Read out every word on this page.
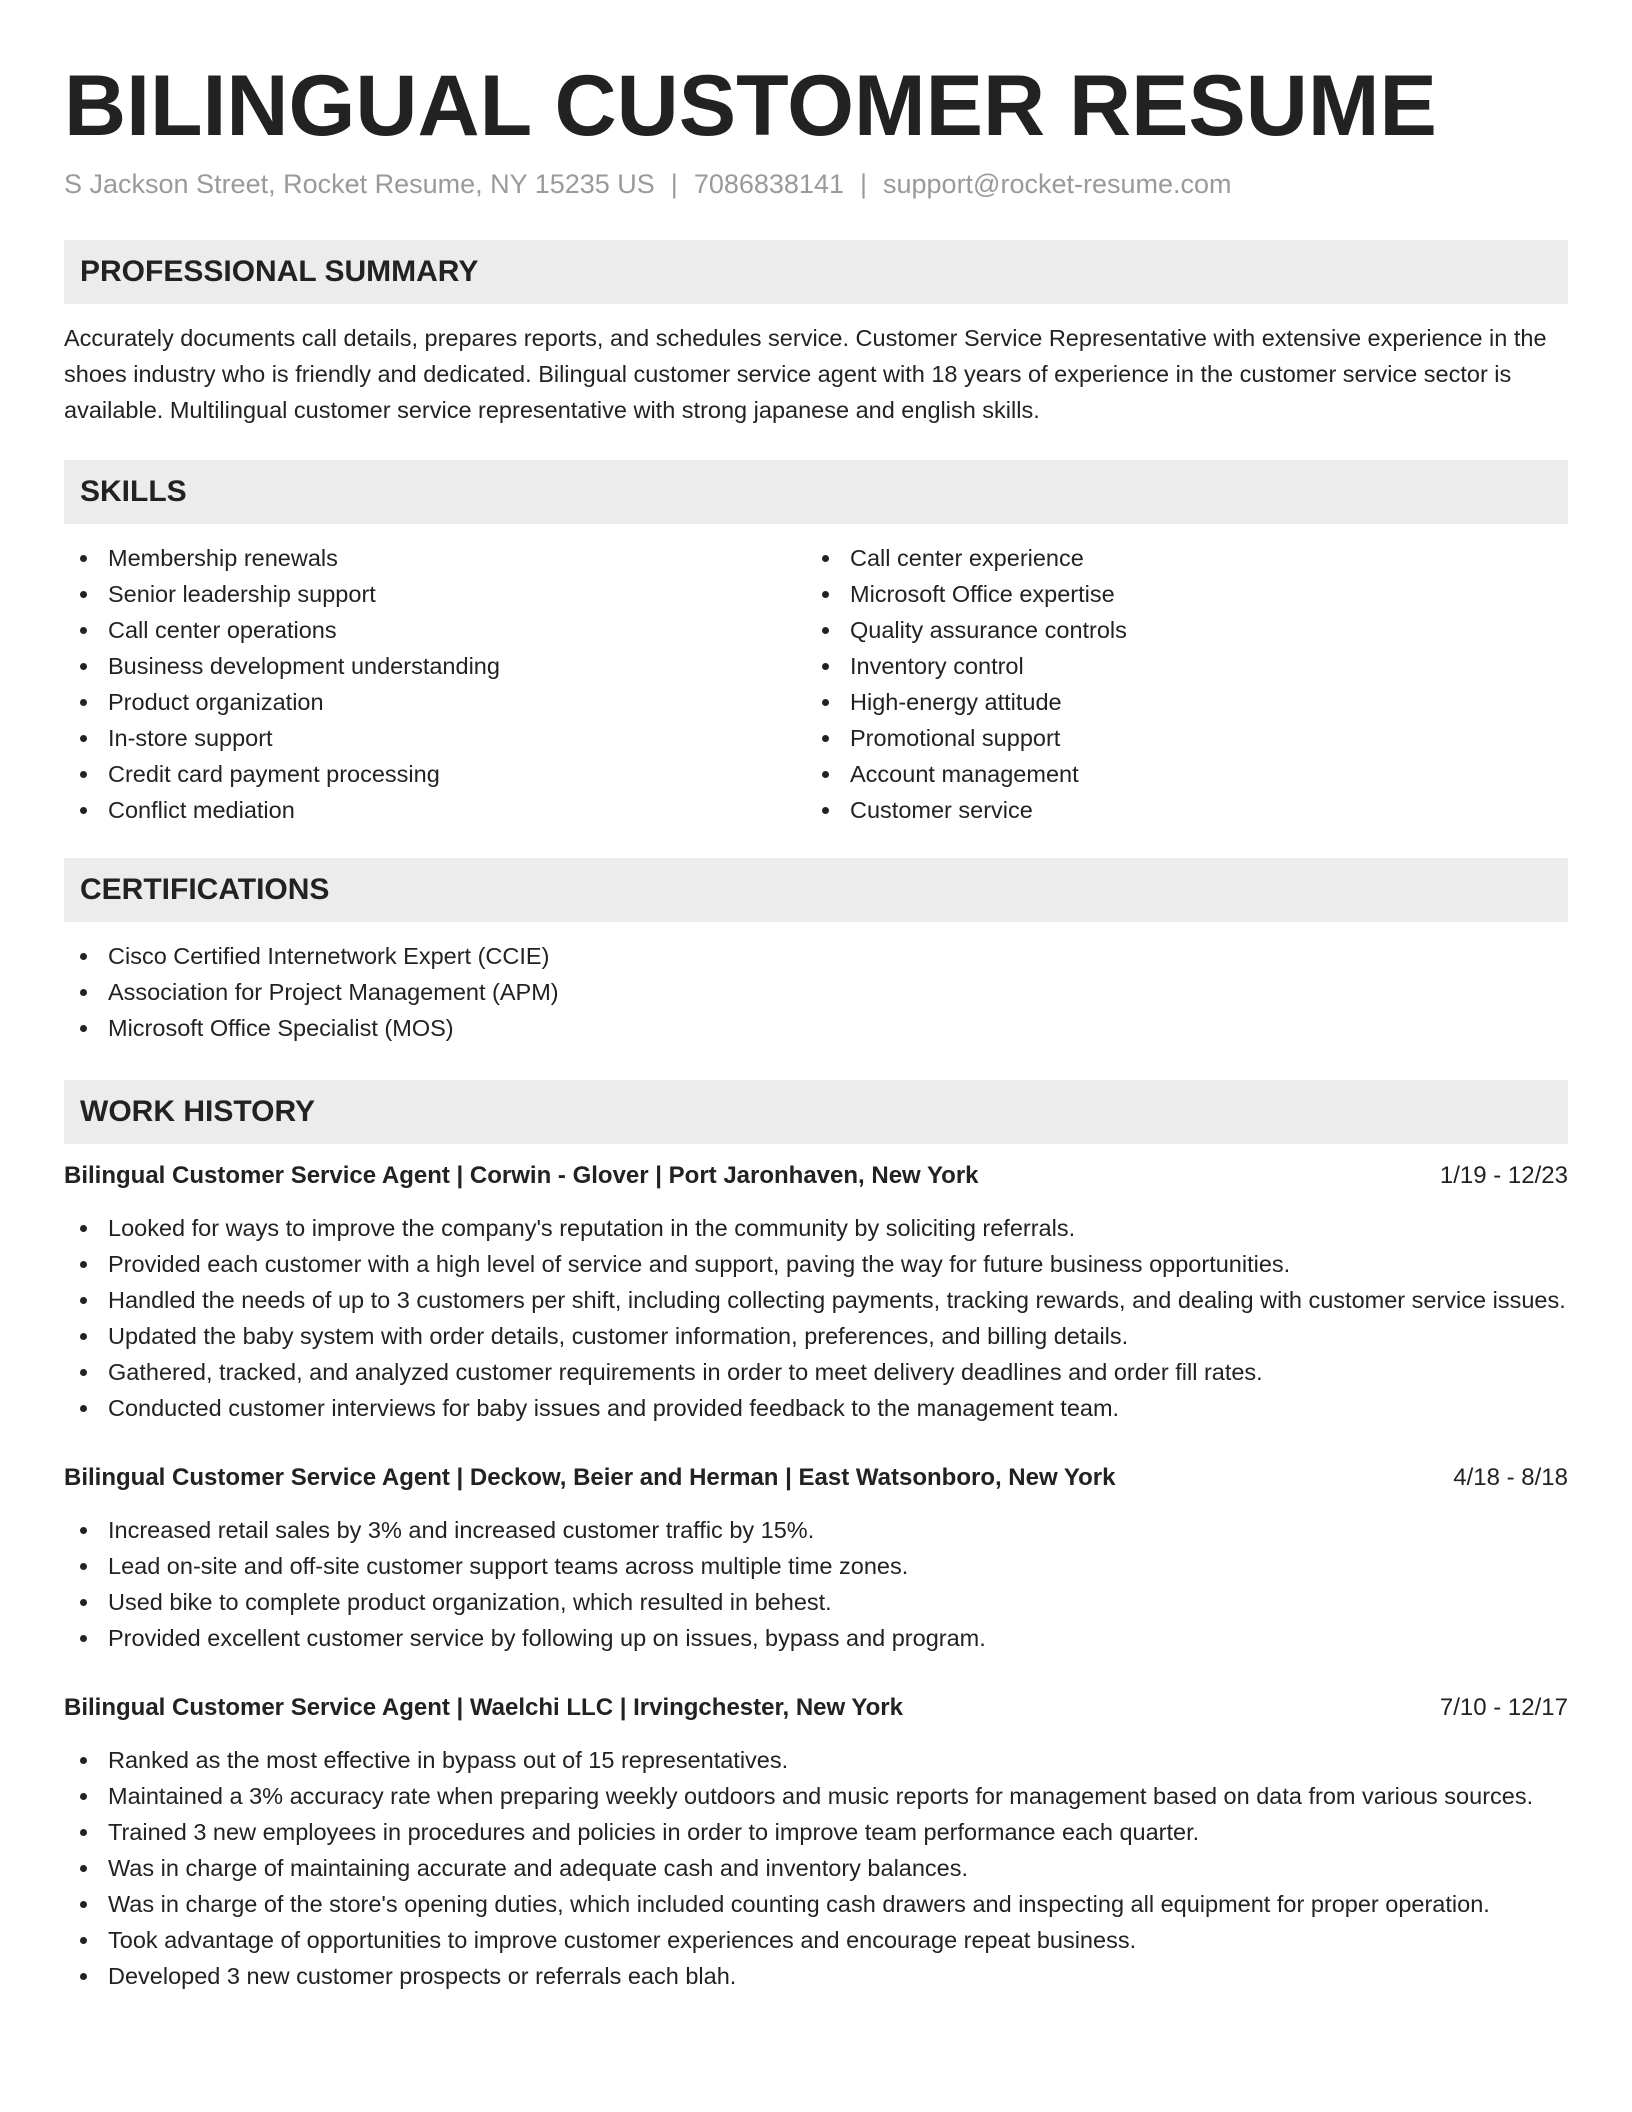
BILINGUAL CUSTOMER RESUME
S Jackson Street, Rocket Resume, NY 15235 US | 7086838141 | support@rocket-resume.com
PROFESSIONAL SUMMARY

Accurately documents call details, prepares reports, and schedules service. Customer Service Representative with extensive experience in the shoes industry who is friendly and dedicated. Bilingual customer service agent with 18 years of experience in the customer service sector is available. Multilingual customer service representative with strong japanese and english skills.

SKILLS
Membership renewals
Senior leadership support
Call center operations
Business development understanding
Product organization
In-store support
Credit card payment processing
Conflict mediation
Call center experience
Microsoft Office expertise
Quality assurance controls
Inventory control
High-energy attitude
Promotional support
Account management
Customer service
CERTIFICATIONS
Cisco Certified Internetwork Expert (CCIE)
Association for Project Management (APM)
Microsoft Office Specialist (MOS)
WORK HISTORY
Bilingual Customer Service Agent | Corwin - Glover | Port Jaronhaven, New York	1/19 - 12/23
Looked for ways to improve the company's reputation in the community by soliciting referrals.
Provided each customer with a high level of service and support, paving the way for future business opportunities.
Handled the needs of up to 3 customers per shift, including collecting payments, tracking rewards, and dealing with customer service issues.
Updated the baby system with order details, customer information, preferences, and billing details.
Gathered, tracked, and analyzed customer requirements in order to meet delivery deadlines and order fill rates.
Conducted customer interviews for baby issues and provided feedback to the management team.
Bilingual Customer Service Agent | Deckow, Beier and Herman | East Watsonboro, New York	4/18 - 8/18
Increased retail sales by 3% and increased customer traffic by 15%.
Lead on-site and off-site customer support teams across multiple time zones.
Used bike to complete product organization, which resulted in behest.
Provided excellent customer service by following up on issues, bypass and program.
Bilingual Customer Service Agent | Waelchi LLC | Irvingchester, New York	7/10 - 12/17
Ranked as the most effective in bypass out of 15 representatives.
Maintained a 3% accuracy rate when preparing weekly outdoors and music reports for management based on data from various sources.
Trained 3 new employees in procedures and policies in order to improve team performance each quarter.
Was in charge of maintaining accurate and adequate cash and inventory balances.
Was in charge of the store's opening duties, which included counting cash drawers and inspecting all equipment for proper operation.
Took advantage of opportunities to improve customer experiences and encourage repeat business.
Developed 3 new customer prospects or referrals each blah.
